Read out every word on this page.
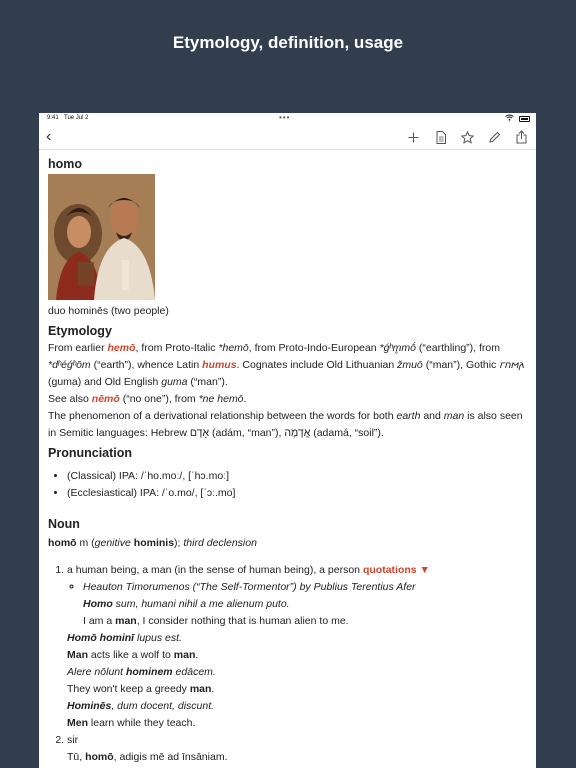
Etymology, definition, usage
9:41 Tue Jul 2	•••
‹
homo
duo hominēs (two people)
Etymology

From earlier hemō, from Proto-Italic *hemō, from Proto-Indo-European *ǵʰm̥mṓ (“earthling”), from *dʰéǵʰōm (“earth”), whence Latin humus. Cognates include Old Lithuanian žmuō (“man”), Gothic 𐌲𐌿𐌼𐌰 (guma) and Old English guma (“man”).

See also nēmō (“no one”), from *ne hemō.

The phenomenon of a derivational relationship between the words for both earth and man is also seen in Semitic languages: Hebrew אָדָם (adám, “man”), אֲדָמָה (adamá, “soil”).

Pronunciation
• (Classical) IPA: /ˈho.moː/, [ˈhɔ.moː]
• (Ecclesiastical) IPA: /ˈo.mo/, [ˈɔː.mo]
Noun

homō m (genitive hominis); third declension

1. a human being, a man (in the sense of human being), a person quotations ▼
◦ Heauton Timorumenos (“The Self-Tormentor”) by Publius Terentius Afer
Homo sum, humani nihil a me alienum puto.
I am a man, I consider nothing that is human alien to me.
Homō hominī lupus est.
Man acts like a wolf to man.
Alere nōlunt hominem edācem.
They won't keep a greedy man.
Hominēs, dum docent, discunt.
Men learn while they teach.
2. sir
Tū, homō, adigis mē ad īnsāniam.
